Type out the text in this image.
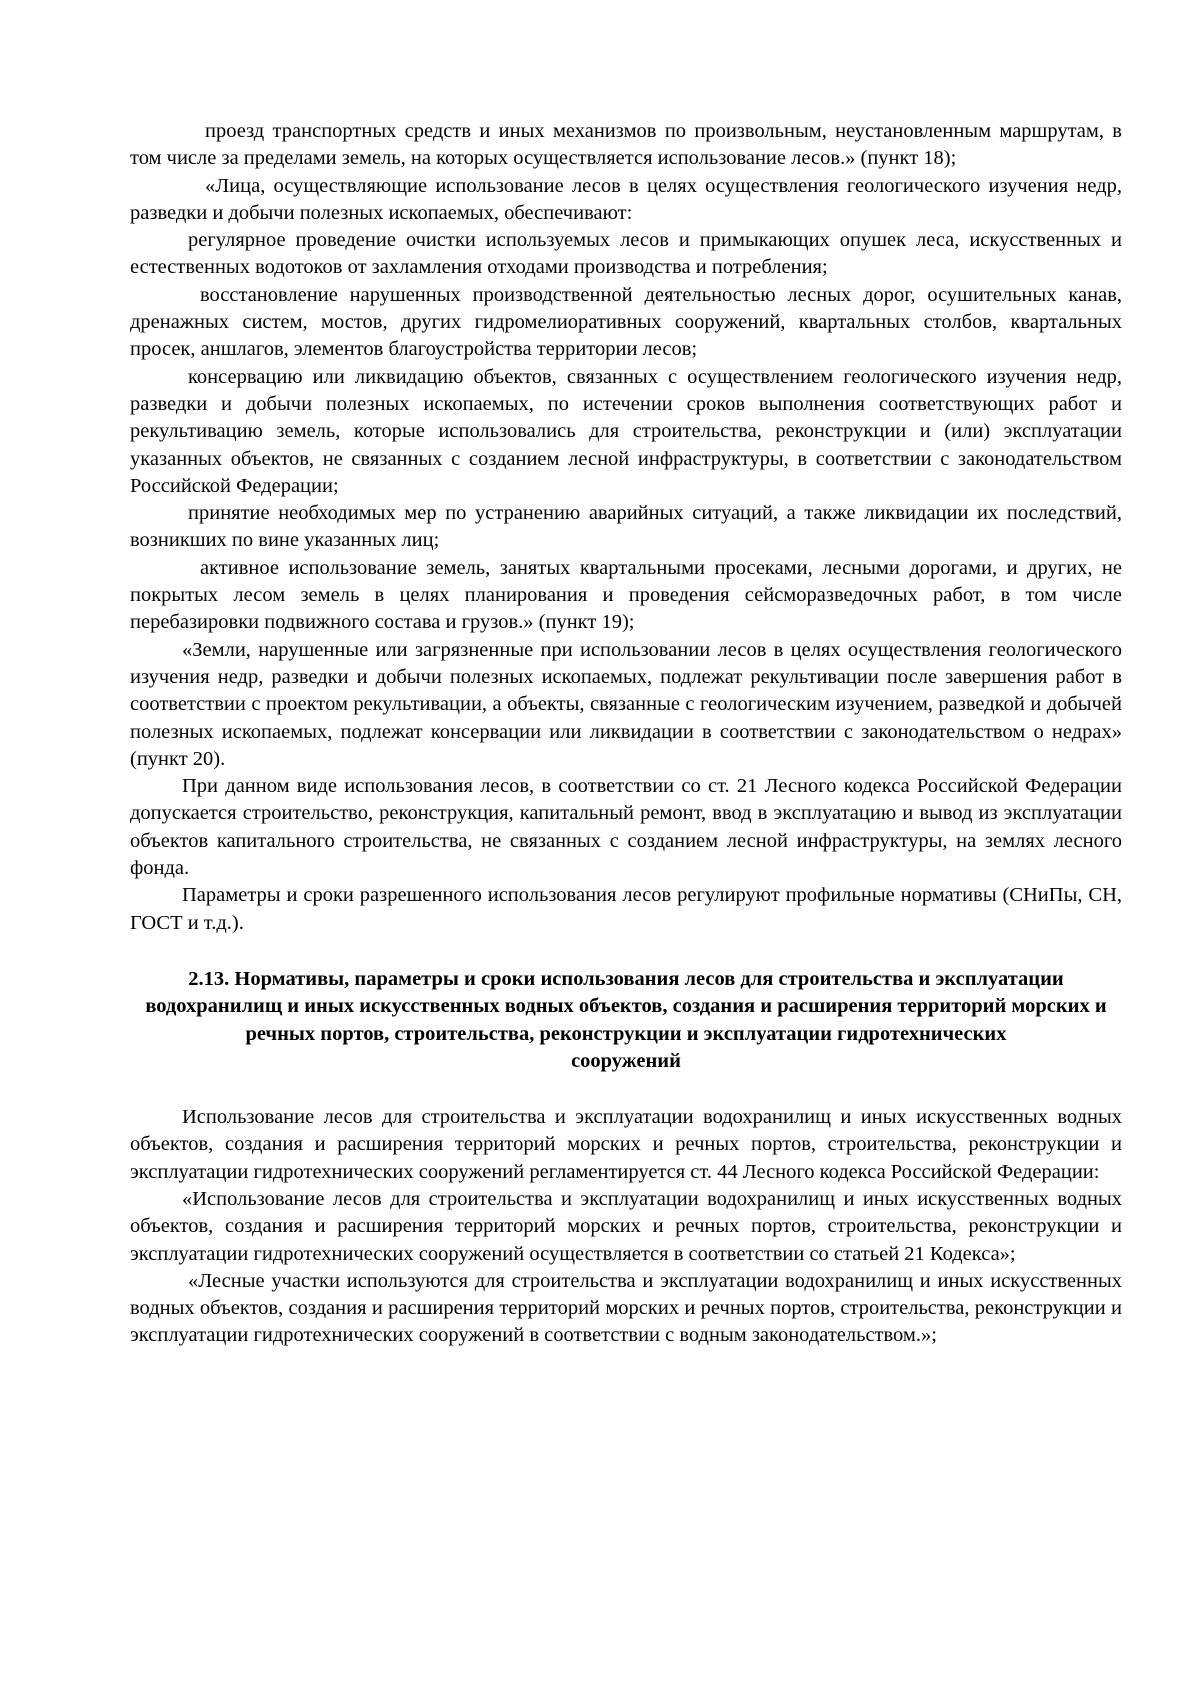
проезд транспортных средств и иных механизмов по произвольным, неустановленным маршрутам, в том числе за пределами земель, на которых осуществляется использование лесов.» (пункт 18);

«Лица, осуществляющие использование лесов в целях осуществления геологического изучения недр, разведки и добычи полезных ископаемых, обеспечивают:

регулярное проведение очистки используемых лесов и примыкающих опушек леса, искусственных и естественных водотоков от захламления отходами производства и потребления;

восстановление нарушенных производственной деятельностью лесных дорог, осушительных канав, дренажных систем, мостов, других гидромелиоративных сооружений, квартальных столбов, квартальных просек, аншлагов, элементов благоустройства территории лесов;

консервацию или ликвидацию объектов, связанных с осуществлением геологического изучения недр, разведки и добычи полезных ископаемых, по истечении сроков выполнения соответствующих работ и рекультивацию земель, которые использовались для строительства, реконструкции и (или) эксплуатации указанных объектов, не связанных с созданием лесной инфраструктуры, в соответствии с законодательством Российской Федерации;

принятие необходимых мер по устранению аварийных ситуаций, а также ликвидации их последствий, возникших по вине указанных лиц;

активное использование земель, занятых квартальными просеками, лесными дорогами, и других, не покрытых лесом земель в целях планирования и проведения сейсморазведочных работ, в том числе перебазировки подвижного состава и грузов.» (пункт 19);

«Земли, нарушенные или загрязненные при использовании лесов в целях осуществления геологического изучения недр, разведки и добычи полезных ископаемых, подлежат рекультивации после завершения работ в соответствии с проектом рекультивации, а объекты, связанные с геологическим изучением, разведкой и добычей полезных ископаемых, подлежат консервации или ликвидации в соответствии с законодательством о недрах» (пункт 20).

При данном виде использования лесов, в соответствии со ст. 21 Лесного кодекса Российской Федерации допускается строительство, реконструкция, капитальный ремонт, ввод в эксплуатацию и вывод из эксплуатации объектов капитального строительства, не связанных с созданием лесной инфраструктуры, на землях лесного фонда.

Параметры и сроки разрешенного использования лесов регулируют профильные нормативы (СНиПы, СН, ГОСТ и т.д.).

2.13. Нормативы, параметры и сроки использования лесов для строительства и эксплуатации водохранилищ и иных искусственных водных объектов, создания и расширения территорий морских и речных портов, строительства, реконструкции и эксплуатации гидротехнических
сооружений

Использование лесов для строительства и эксплуатации водохранилищ и иных искусственных водных объектов, создания и расширения территорий морских и речных портов, строительства, реконструкции и эксплуатации гидротехнических сооружений регламентируется ст. 44 Лесного кодекса Российской Федерации:

«Использование лесов для строительства и эксплуатации водохранилищ и иных искусственных водных объектов, создания и расширения территорий морских и речных портов, строительства, реконструкции и эксплуатации гидротехнических сооружений осуществляется в соответствии со статьей 21 Кодекса»;

«Лесные участки используются для строительства и эксплуатации водохранилищ и иных искусственных водных объектов, создания и расширения территорий морских и речных портов, строительства, реконструкции и эксплуатации гидротехнических сооружений в соответствии с водным законодательством.»;
